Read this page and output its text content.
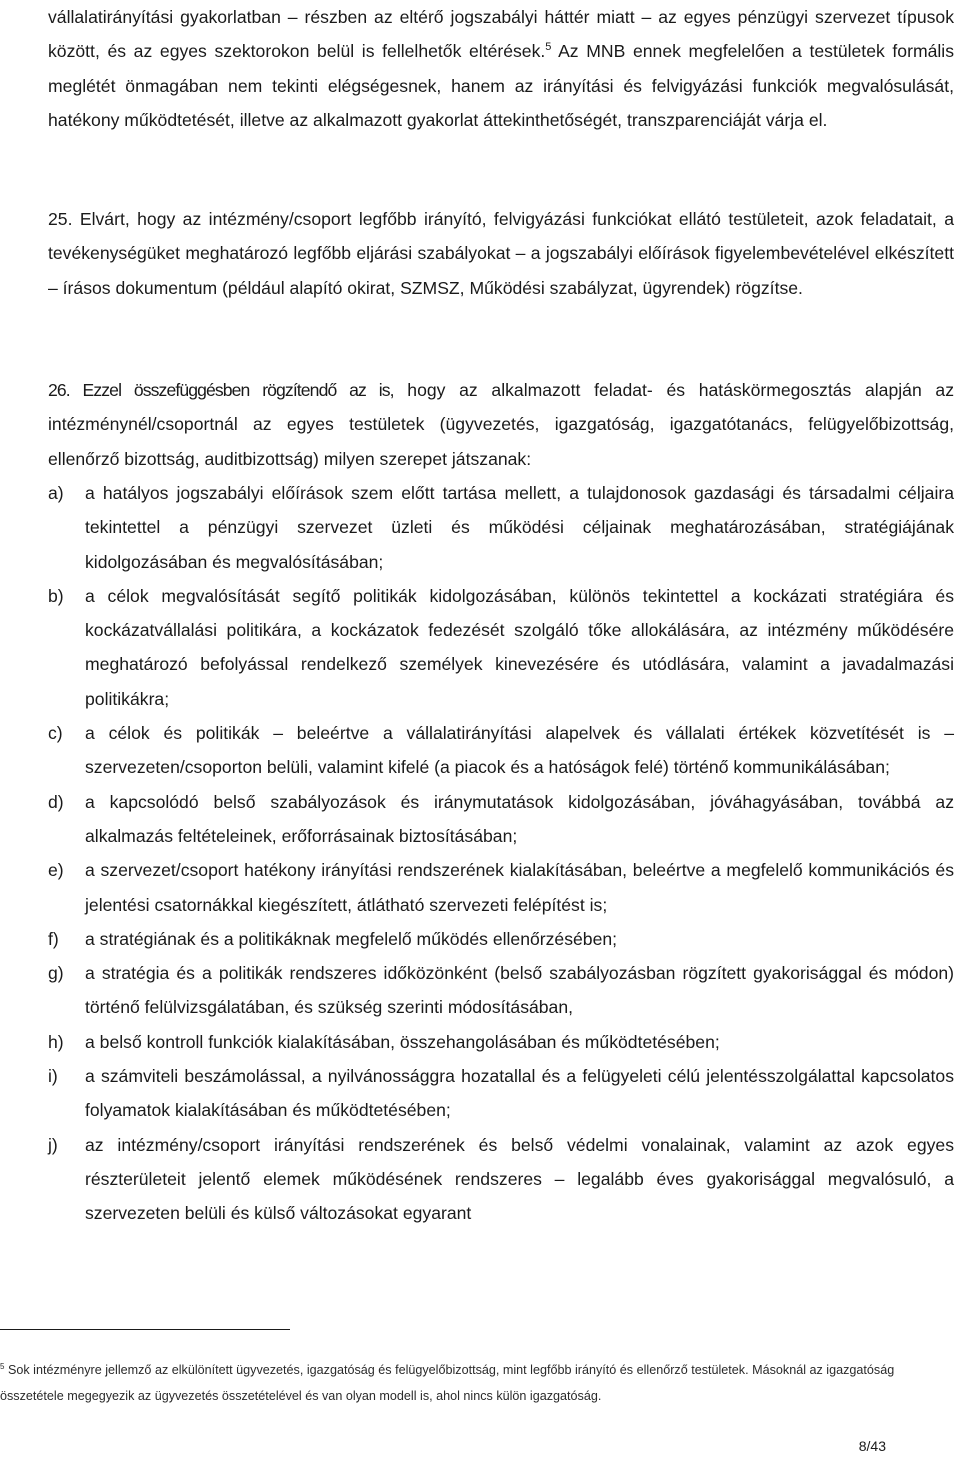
vállalatirányítási gyakorlatban – részben az eltérő jogszabályi háttér miatt – az egyes pénzügyi szervezet típusok között, és az egyes szektorokon belül is fellelhetők eltérések.$^5$ Az MNB ennek megfelelően a testületek formális meglétét önmagában nem tekinti elégségesnek, hanem az irányítási és felvigyázási funkciók megvalósulását, hatékony működtetését, illetve az alkalmazott gyakorlat áttekinthetőségét, transzparenciáját várja el.

25. Elvárt, hogy az intézmény/csoport legfőbb irányító, felvigyázási funkciókat ellátó testületeit, azok feladatait, a tevékenységüket meghatározó legfőbb eljárási szabályokat – a jogszabályi előírások figyelembevételével elkészített – írásos dokumentum (például alapító okirat, SZMSZ, Működési szabályzat, ügyrendek) rögzítse.

26. Ezzel összefüggésben rögzítendő az is, hogy az alkalmazott feladat- és hatáskörmegosztás alapján az intézménynél/csoportnál az egyes testületek (ügyvezetés, igazgatóság, igazgatótanács, felügyelőbizottság, ellenőrző bizottság, auditbizottság) milyen szerepet játszanak:

a) a hatályos jogszabályi előírások szem előtt tartása mellett, a tulajdonosok gazdasági és társadalmi céljaira tekintettel a pénzügyi szervezet üzleti és működési céljainak meghatározásában, stratégiájának kidolgozásában és megvalósításában;
b) a célok megvalósítását segítő politikák kidolgozásában, különös tekintettel a kockázati stratégiára és kockázatvállalási politikára, a kockázatok fedezését szolgáló tőke allokálására, az intézmény működésére meghatározó befolyással rendelkező személyek kinevezésére és utódlására, valamint a javadalmazási politikákra;
c) a célok és politikák – beleértve a vállalatirányítási alapelvek és vállalati értékek közvetítését is – szervezeten/csoporton belüli, valamint kifelé (a piacok és a hatóságok felé) történő kommunikálásában;
d) a kapcsolódó belső szabályozások és iránymutatások kidolgozásában, jóváhagyásában, továbbá az alkalmazás feltételeinek, erőforrásainak biztosításában;
e) a szervezet/csoport hatékony irányítási rendszerének kialakításában, beleértve a megfelelő kommunikációs és jelentési csatornákkal kiegészített, átlátható szervezeti felépítést is;
f) a stratégiának és a politikáknak megfelelő működés ellenőrzésében;
g) a stratégia és a politikák rendszeres időközönként (belső szabályozásban rögzített gyakorisággal és módon) történő felülvizsgálatában, és szükség szerinti módosításában,
h) a belső kontroll funkciók kialakításában, összehangolásában és működtetésében;
i) a számviteli beszámolással, a nyilvánossággra hozatallal és a felügyeleti célú jelentésszolgálattal kapcsolatos folyamatok kialakításában és működtetésében;
j) az intézmény/csoport irányítási rendszerének és belső védelmi vonalainak, valamint az azok egyes részterületeit jelentő elemek működésének rendszeres – legalább éves gyakorisággal megvalósuló, a szervezeten belüli és külső változásokat egyarant

$^5$ Sok intézményre jellemző az elkülönített ügyvezetés, igazgatóság és felügyelőbizottság, mint legfőbb irányító és ellenőrző testületek. Másoknál az igazgatóság összetétele megegyezik az ügyvezetés összetételével és van olyan modell is, ahol nincs külön igazgatóság.

8/43
